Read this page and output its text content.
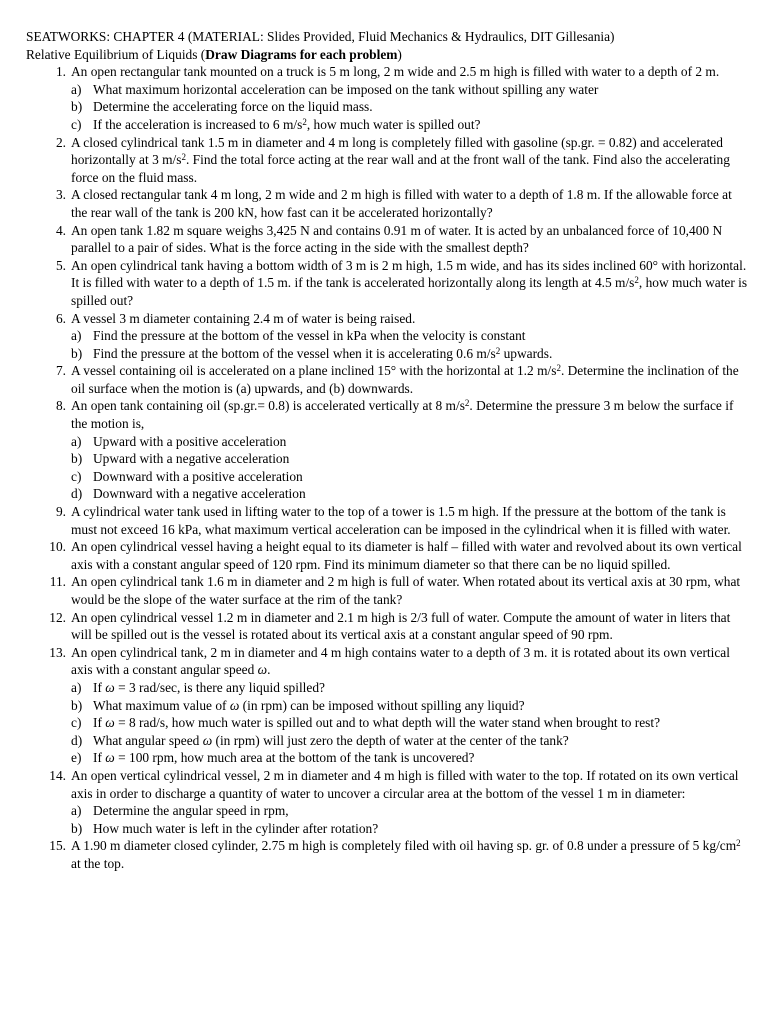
SEATWORKS: CHAPTER 4 (MATERIAL: Slides Provided, Fluid Mechanics & Hydraulics, DIT Gillesania)
Relative Equilibrium of Liquids (Draw Diagrams for each problem)
1. An open rectangular tank mounted on a truck is 5 m long, 2 m wide and 2.5 m high is filled with water to a depth of 2 m.
a) What maximum horizontal acceleration can be imposed on the tank without spilling any water
b) Determine the accelerating force on the liquid mass.
c) If the acceleration is increased to 6 $m/s^2$, how much water is spilled out?
2. A closed cylindrical tank 1.5 m in diameter and 4 m long is completely filled with gasoline (sp.gr. = 0.82) and accelerated horizontally at 3 $m/s^2$. Find the total force acting at the rear wall and at the front wall of the tank. Find also the accelerating force on the fluid mass.
3. A closed rectangular tank 4 m long, 2 m wide and 2 m high is filled with water to a depth of 1.8 m. If the allowable force at the rear wall of the tank is 200 kN, how fast can it be accelerated horizontally?
4. An open tank 1.82 m square weighs 3,425 N and contains 0.91 m of water. It is acted by an unbalanced force of 10,400 N parallel to a pair of sides. What is the force acting in the side with the smallest depth?
5. An open cylindrical tank having a bottom width of 3 m is 2 m high, 1.5 m wide, and has its sides inclined 60° with horizontal. It is filled with water to a depth of 1.5 m. if the tank is accelerated horizontally along its length at 4.5 $m/s^2$, how much water is spilled out?
6. A vessel 3 m diameter containing 2.4 m of water is being raised.
a) Find the pressure at the bottom of the vessel in kPa when the velocity is constant
b) Find the pressure at the bottom of the vessel when it is accelerating 0.6 $m/s^2$ upwards.
7. A vessel containing oil is accelerated on a plane inclined 15° with the horizontal at 1.2 $m/s^2$. Determine the inclination of the oil surface when the motion is (a) upwards, and (b) downwards.
8. An open tank containing oil (sp.gr.= 0.8) is accelerated vertically at 8 $m/s^2$. Determine the pressure 3 m below the surface if the motion is,
a) Upward with a positive acceleration
b) Upward with a negative acceleration
c) Downward with a positive acceleration
d) Downward with a negative acceleration
9. A cylindrical water tank used in lifting water to the top of a tower is 1.5 m high. If the pressure at the bottom of the tank is must not exceed 16 kPa, what maximum vertical acceleration can be imposed in the cylindrical when it is filled with water.
10. An open cylindrical vessel having a height equal to its diameter is half – filled with water and revolved about its own vertical axis with a constant angular speed of 120 rpm. Find its minimum diameter so that there can be no liquid spilled.
11. An open cylindrical tank 1.6 m in diameter and 2 m high is full of water. When rotated about its vertical axis at 30 rpm, what would be the slope of the water surface at the rim of the tank?
12. An open cylindrical vessel 1.2 m in diameter and 2.1 m high is 2/3 full of water. Compute the amount of water in liters that will be spilled out is the vessel is rotated about its vertical axis at a constant angular speed of 90 rpm.
13. An open cylindrical tank, 2 m in diameter and 4 m high contains water to a depth of 3 m. it is rotated about its own vertical axis with a constant angular speed ω.
a) If ω = 3 rad/sec, is there any liquid spilled?
b) What maximum value of ω (in rpm) can be imposed without spilling any liquid?
c) If ω = 8 rad/s, how much water is spilled out and to what depth will the water stand when brought to rest?
d) What angular speed ω (in rpm) will just zero the depth of water at the center of the tank?
e) If ω = 100 rpm, how much area at the bottom of the tank is uncovered?
14. An open vertical cylindrical vessel, 2 m in diameter and 4 m high is filled with water to the top. If rotated on its own vertical axis in order to discharge a quantity of water to uncover a circular area at the bottom of the vessel 1 m in diameter:
a) Determine the angular speed in rpm,
b) How much water is left in the cylinder after rotation?
15. A 1.90 m diameter closed cylinder, 2.75 m high is completely filed with oil having sp. gr. of 0.8 under a pressure of 5 $kg/cm^2$ at the top.
